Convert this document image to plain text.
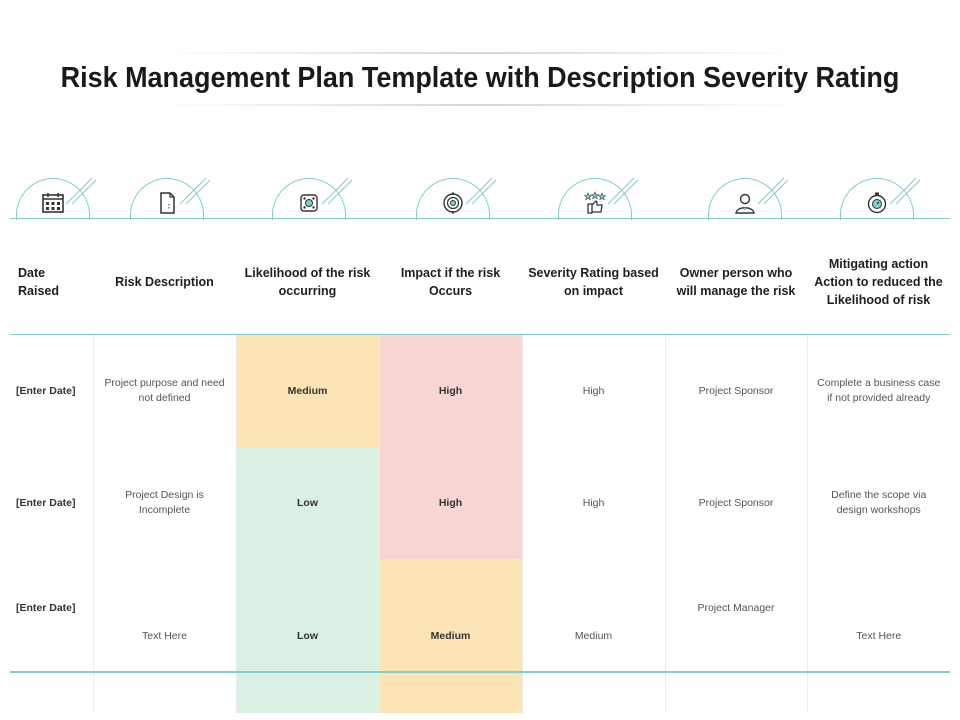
Risk Management Plan Template with Description Severity Rating
Date Raised	Risk Description	Likelihood of the risk occurring	Impact if the risk Occurs	Severity Rating based on impact	Owner person who will manage the risk	Mitigating action Action to reduced the Likelihood of risk

[Enter Date]	Project purpose and need not defined	Medium	High	High	Project Sponsor	Complete a business case if not provided already
[Enter Date]	Project Design is Incomplete	Low	High	High	Project Sponsor	Define the scope via design workshops
[Enter Date]	Text Here	Low	Medium	Medium	Project Manager	Text Here
